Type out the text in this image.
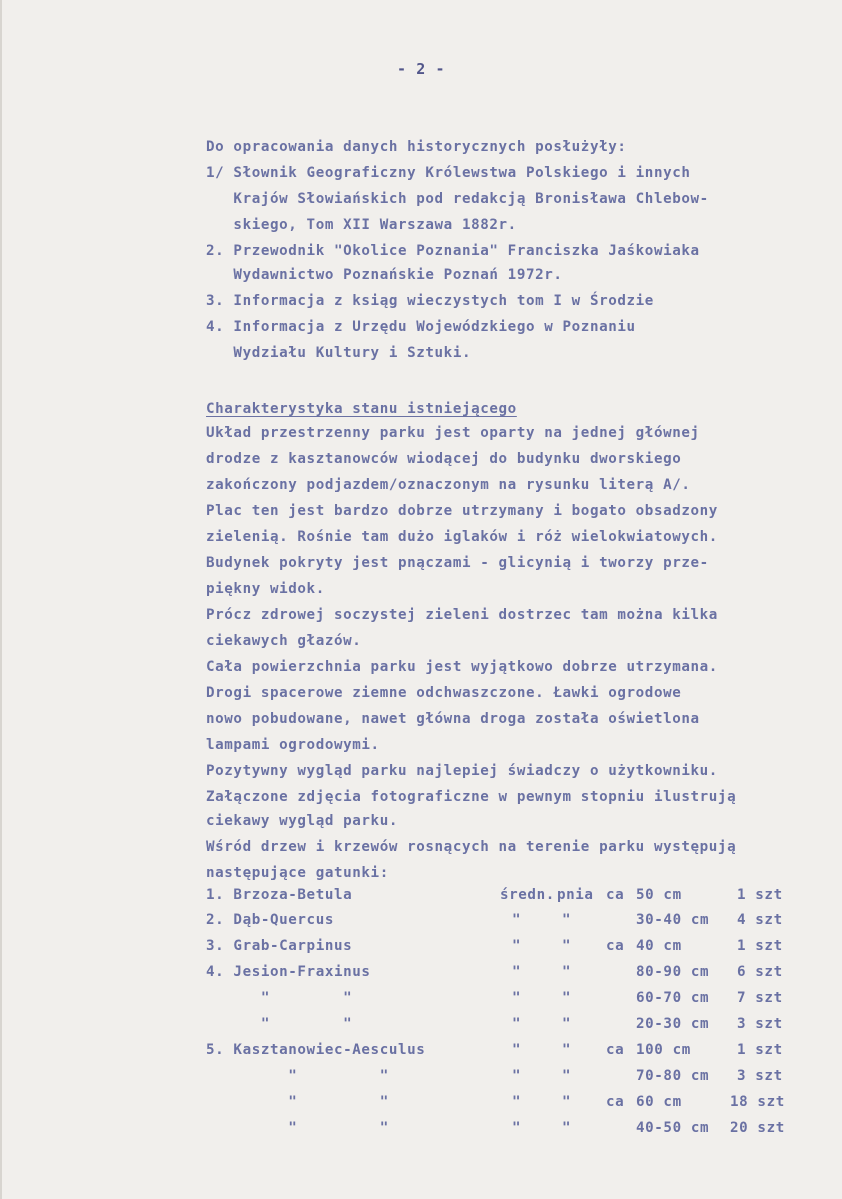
- 2 -
Do opracowania danych historycznych posłużyły:
1/ Słownik Geograficzny Królewstwa Polskiego i innych
Krajów Słowiańskich pod redakcją Bronisława Chlebow-
skiego, Tom XII Warszawa 1882r.
2. Przewodnik "Okolice Poznania" Franciszka Jaśkowiaka
Wydawnictwo Poznańskie Poznań 1972r.
3. Informacja z ksiąg wieczystych tom I w Środzie
4. Informacja z Urzędu Wojewódzkiego w Poznaniu
Wydziału Kultury i Sztuki.
Charakterystyka stanu istniejącego
Układ przestrzenny parku jest oparty na jednej głównej
drodze z kasztanowców wiodącej do budynku dworskiego
zakończony podjazdem/oznaczonym na rysunku literą A/.
Plac ten jest bardzo dobrze utrzymany i bogato obsadzony
zielenią. Rośnie tam dużo iglaków i róż wielokwiatowych.
Budynek pokryty jest pnączami - glicynią i tworzy prze-
piękny widok.
Prócz zdrowej soczystej zieleni dostrzec tam można kilka
ciekawych głazów.
Cała powierzchnia parku jest wyjątkowo dobrze utrzymana.
Drogi spacerowe ziemne odchwaszczone. Ławki ogrodowe
nowo pobudowane, nawet główna droga została oświetlona
lampami ogrodowymi.
Pozytywny wygląd parku najlepiej świadczy o użytkowniku.
Załączone zdjęcia fotograficzne w pewnym stopniu ilustrują
ciekawy wygląd parku.
Wśród drzew i krzewów rosnących na terenie parku występują
następujące gatunki:
1. Brzoza-Betula	średn. pnia ca 50 cm	1 szt
2. Dąb-Quercus	"	"	30-40 cm 4 szt
3. Grab-Carpinus	"	" ca 40 cm	1 szt
4. Jesion-Fraxinus	"	"	80-90 cm 6 szt
"        "	"	"	60-70 cm 7 szt
"        "	"	"	20-30 cm 3 szt
5. Kasztanowiec-Aesculus	"	" ca 100 cm	1 szt
"         "	"	"	70-80 cm 3 szt
"         "	"	" ca 60 cm	18 szt
"         "	"	"	40-50 cm 20 szt
